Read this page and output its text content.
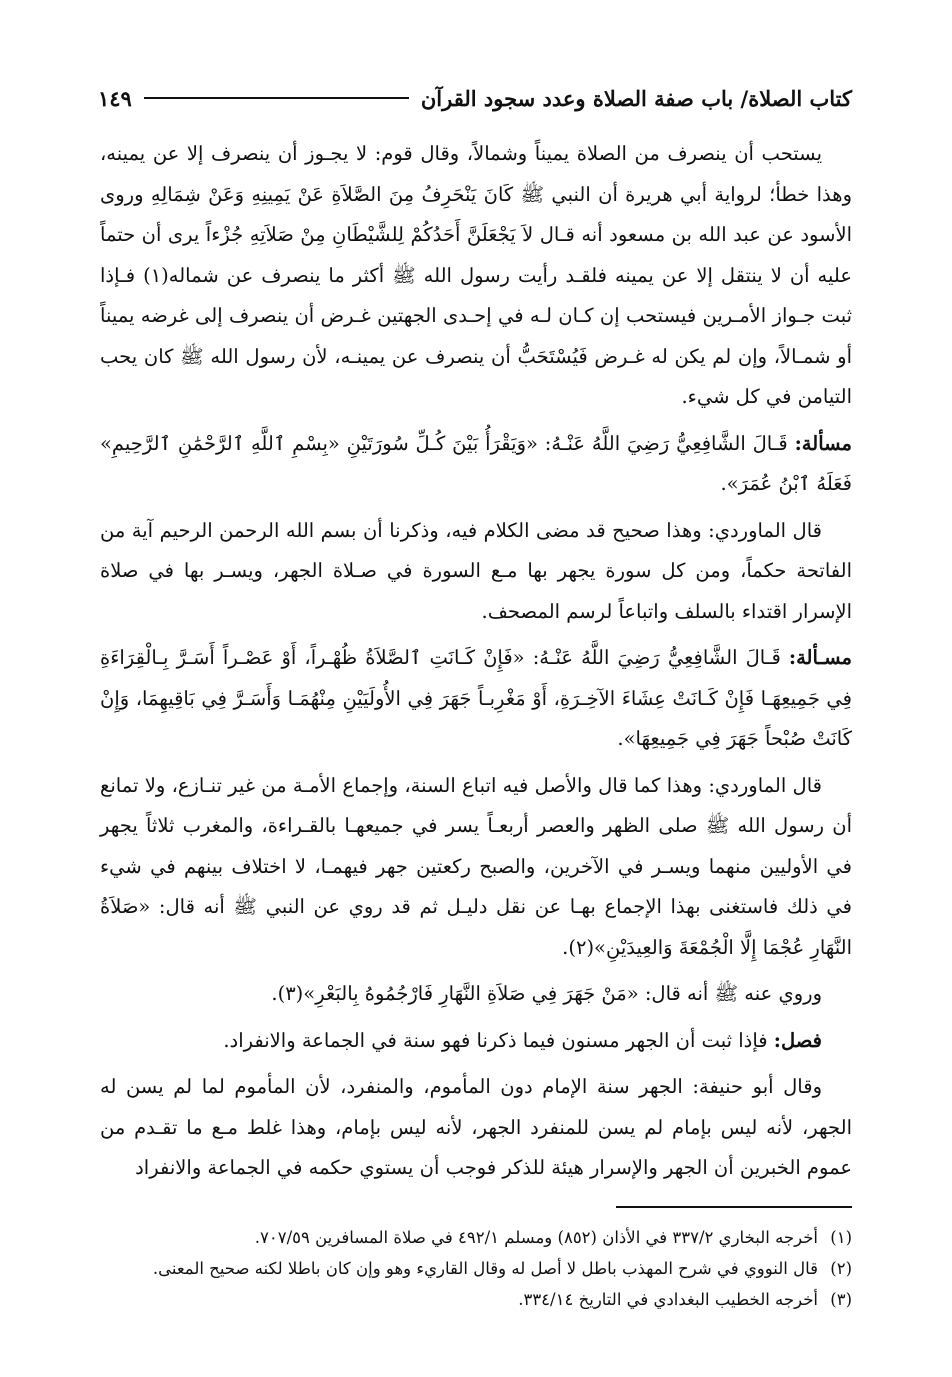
كتاب الصلاة/ باب صفة الصلاة وعدد سجود القرآن
١٤٩

يستحب أن ينصرف من الصلاة يميناً وشمالاً، وقال قوم: لا يجـوز أن ينصرف إلا عن يمينه، وهذا خطأ؛ لرواية أبي هريرة أن النبي ﷺ كَانَ يَنْحَرِفُ مِنَ الصَّلاَةِ عَنْ يَمِينِهِ وَعَنْ شِمَالِهِ وروى الأسود عن عبد الله بن مسعود أنه قـال لاَ يَجْعَلَنَّ أَحَدُكُمْ لِلشَّيْطَانِ مِنْ صَلاَتِهِ جُزْءاً يرى أن حتماً عليه أن لا ينتقل إلا عن يمينه فلقـد رأيت رسول الله ﷺ أكثر ما ينصرف عن شماله(١) فـإذا ثبت جـواز الأمـرين فيستحب إن كـان لـه في إحـدى الجهتين غـرض أن ينصرف إلى غرضه يميناً أو شمـالاً، وإن لم يكن له غـرض فَيُسْتَحَبُّ أن ينصرف عن يمينـه، لأن رسول الله ﷺ كان يحب التيامن في كل شيء.

مسألة: قَـالَ الشَّافِعِيُّ رَضِيَ اللَّهُ عَنْـهُ: «وَيَقْرَأُ بَيْنَ كُـلِّ سُورَتَيْنِ «بِسْمِ ٱللَّهِ ٱلرَّحْمَٰنِ ٱلرَّحِيمِ» فَعَلَهُ ٱبْنُ عُمَرَ».

قال الماوردي: وهذا صحيح قد مضى الكلام فيه، وذكرنا أن بسم الله الرحمن الرحيم آية من الفاتحة حكماً، ومن كل سورة يجهر بها مـع السورة في صـلاة الجهر، ويسـر بها في صلاة الإسرار اقتداء بالسلف واتباعاً لرسم المصحف.

مسـألة: قَـالَ الشَّافِعِيُّ رَضِيَ اللَّهُ عَنْـهُ: «فَإِنْ كَـانَتِ ٱلصَّلاَةُ ظُهْـراً، أَوْ عَصْـراً أَسَـرَّ بِـالْقِرَاءَةِ فِي جَمِيعِهَـا فَإِنْ كَـانَتْ عِشَاءَ الآخِـرَةِ، أَوْ مَغْرِبـاً جَهَرَ فِي الأُولَيَيْنِ مِنْهُمَـا وَأَسَـرَّ فِي بَاقِيهِمَا، وَإِنْ كَانَتْ صُبْحاً جَهَرَ فِي جَمِيعِهَا».

قال الماوردي: وهذا كما قال والأصل فيه اتباع السنة، وإجماع الأمـة من غير تنـازع، ولا تمانع أن رسول الله ﷺ صلى الظهر والعصر أربعـاً يسر في جميعهـا بالقـراءة، والمغرب ثلاثاً يجهر في الأوليين منهما ويسـر في الآخرين، والصبح ركعتين جهر فيهمـا، لا اختلاف بينهم في شيء في ذلك فاستغنى بهذا الإجماع بهـا عن نقل دليـل ثم قد روي عن النبي ﷺ أنه قال: «صَلاَةُ النَّهَارِ عُجْمَا إِلَّا الْجُمْعَةَ وَالعِيدَيْنِ»(٢).

وروي عنه ﷺ أنه قال: «مَنْ جَهَرَ فِي صَلاَةِ النَّهَارِ فَارْجُمُوهُ بِالبَعْرِ»(٣).

فصل: فإذا ثبت أن الجهر مسنون فيما ذكرنا فهو سنة في الجماعة والانفراد.

وقال أبو حنيفة: الجهر سنة الإمام دون المأموم، والمنفرد، لأن المأموم لما لم يسن له الجهر، لأنه ليس بإمام لم يسن للمنفرد الجهر، لأنه ليس بإمام، وهذا غلط مـع ما تقـدم من عموم الخبرين أن الجهر والإسرار هيئة للذكر فوجب أن يستوي حكمه في الجماعة والانفراد

(١)
أخرجه البخاري ٣٣٧/٢ في الأذان (٨٥٢) ومسلم ٤٩٢/١ في صلاة المسافرين ٧٠٧/٥٩.
(٢)
قال النووي في شرح المهذب باطل لا أصل له وقال القاريء وهو وإن كان باطلا لكنه صحيح المعنى.
(٣)
أخرجه الخطيب البغدادي في التاريخ ٣٣٤/١٤.
